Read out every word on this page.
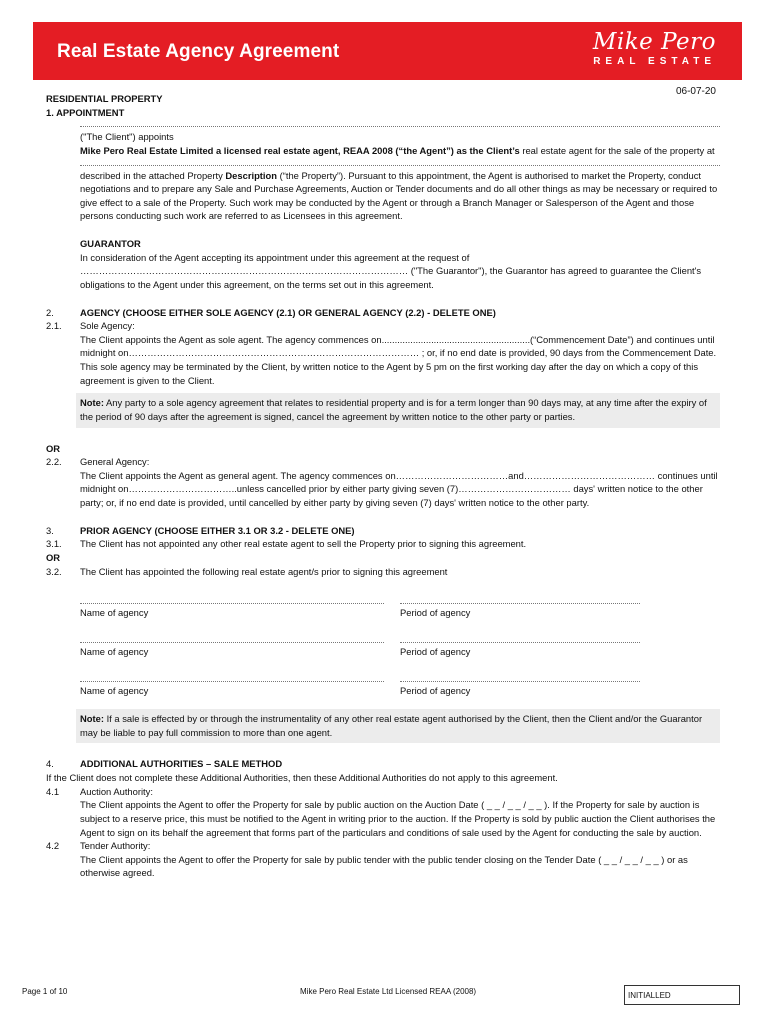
Real Estate Agency Agreement	Mike Pero
REAL ESTATE
06-07-20
RESIDENTIAL PROPERTY
1. APPOINTMENT
("The Client") appoints
Mike Pero Real Estate Limited a licensed real estate agent, REAA 2008 (“the Agent”) as the Client’s real estate agent for the sale of the property at
described in the attached Property Description (“the Property”). Pursuant to this appointment, the Agent is authorised to market the Property, conduct negotiations and to prepare any Sale and Purchase Agreements, Auction or Tender documents and do all other things as may be necessary or required to give effect to a sale of the Property. Such work may be conducted by the Agent or through a Branch Manager or Salesperson of the Agent and those persons conducting such work are referred to as Licensees in this agreement.
GUARANTOR
In consideration of the Agent accepting its appointment under this agreement at the request of …………………………………………………………………………………………… ("The Guarantor"), the Guarantor has agreed to guarantee the Client's obligations to the Agent under this agreement, on the terms set out in this agreement.
2.	AGENCY (CHOOSE EITHER SOLE AGENCY (2.1) OR GENERAL AGENCY (2.2) - DELETE ONE)
2.1.	Sole Agency:
The Client appoints the Agent as sole agent. The agency commences on.........................................................(“Commencement Date”) and continues until midnight on………………………………………………………………………………… ; or, if no end date is provided, 90 days from the Commencement Date.
This sole agency may be terminated by the Client, by written notice to the Agent by 5 pm on the first working day after the day on which a copy of this agreement is given to the Client.
Note: Any party to a sole agency agreement that relates to residential property and is for a term longer than 90 days may, at any time after the expiry of the period of 90 days after the agreement is signed, cancel the agreement by written notice to the other party or parties.
OR
2.2.	General Agency:
The Client appoints the Agent as general agent. The agency commences on………………………………and…………………………………… continues until midnight on……………………………..unless cancelled prior by either party giving seven (7)……………………………… days' written notice to the other party; or, if no end date is provided, until cancelled by either party by giving seven (7) days' written notice to the other party.
3.	PRIOR AGENCY (CHOOSE EITHER 3.1 OR 3.2 - DELETE ONE)
3.1.	The Client has not appointed any other real estate agent to sell the Property prior to signing this agreement.
OR
3.2.	The Client has appointed the following real estate agent/s prior to signing this agreement
Name of agency	Period of agency
Name of agency	Period of agency
Name of agency	Period of agency
Note: If a sale is effected by or through the instrumentality of any other real estate agent authorised by the Client, then the Client and/or the Guarantor may be liable to pay full commission to more than one agent.
4.	ADDITIONAL AUTHORITIES – SALE METHOD
If the Client does not complete these Additional Authorities, then these Additional Authorities do not apply to this agreement.
4.1	Auction Authority:
The Client appoints the Agent to offer the Property for sale by public auction on the Auction Date ( _ _ / _ _ / _ _ ). If the Property for sale by auction is subject to a reserve price, this must be notified to the Agent in writing prior to the auction. If the Property is sold by public auction the Client authorises the Agent to sign on its behalf the agreement that forms part of the particulars and conditions of sale used by the Agent for conducting the sale by auction.
4.2	Tender Authority:
The Client appoints the Agent to offer the Property for sale by public tender with the public tender closing on the Tender Date ( _ _ / _ _ / _ _ ) or as otherwise agreed.
Page 1 of 10	Mike Pero Real Estate Ltd Licensed REAA (2008)	INITIALLED
